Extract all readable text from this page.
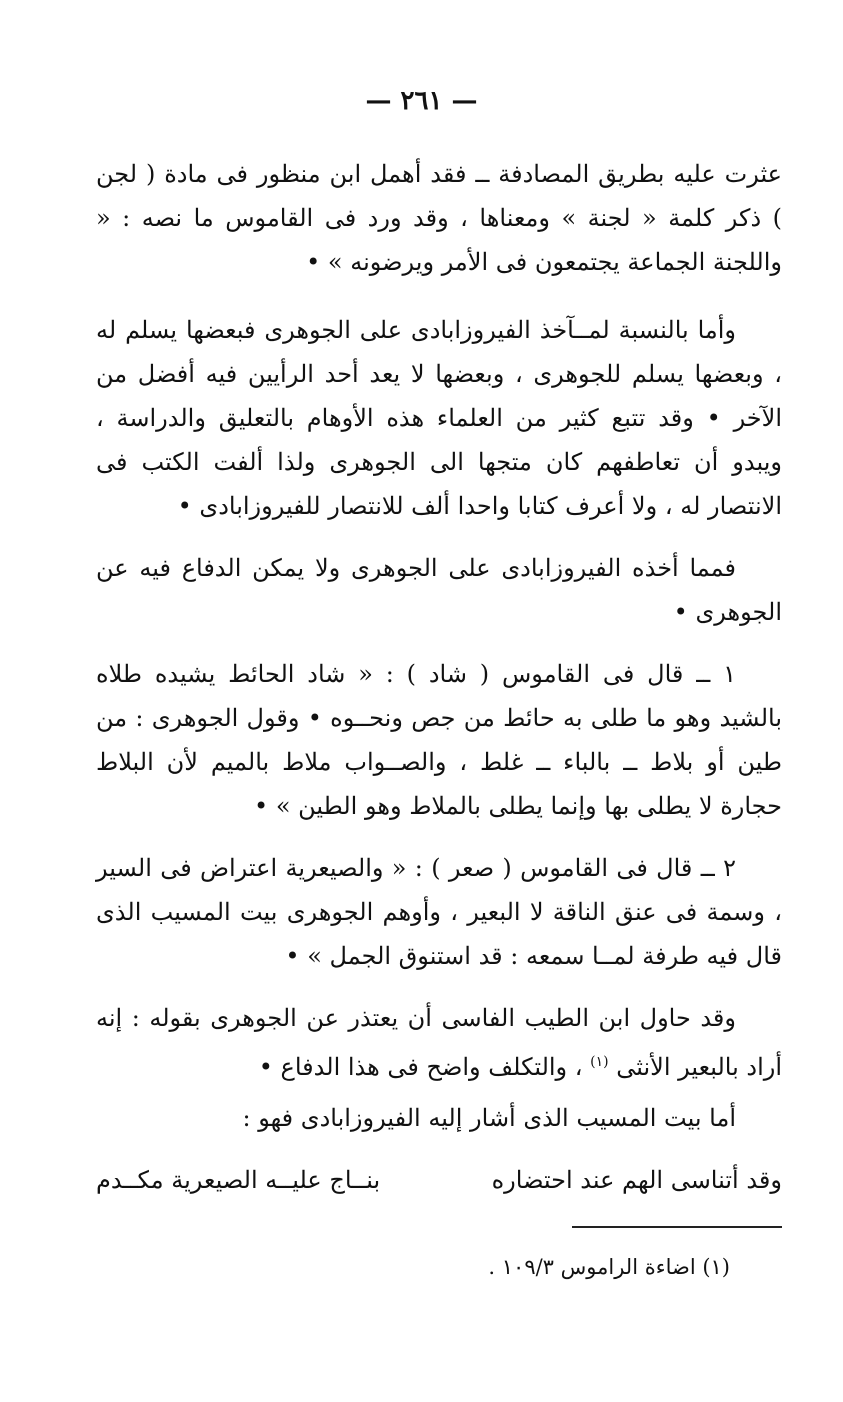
— ٢٦١ —

عثرت عليه بطريق المصادفة ــ فقد أهمل ابن منظور فى مادة ( لجن ) ذكر كلمة « لجنة » ومعناها ، وقد ورد فى القاموس ما نصه : « واللجنة الجماعة يجتمعون فى الأمر ويرضونه » •

وأما بالنسبة لمــآخذ الفيروزابادى على الجوهرى فبعضها يسلم له ، وبعضها يسلم للجوهرى ، وبعضها لا يعد أحد الرأيين فيه أفضل من الآخر • وقد تتبع كثير من العلماء هذه الأوهام بالتعليق والدراسة ، ويبدو أن تعاطفهم كان متجها الى الجوهرى ولذا ألفت الكتب فى الانتصار له ، ولا أعرف كتابا واحدا ألف للانتصار للفيروزابادى •

فمما أخذه الفيروزابادى على الجوهرى ولا يمكن الدفاع فيه عن الجوهرى •

١ ــ قال فى القاموس ( شاد ) : « شاد الحائط يشيده طلاه بالشيد وهو ما طلى به حائط من جص ونحــوه • وقول الجوهرى : من طين أو بلاط ــ بالباء ــ غلط ، والصــواب ملاط بالميم لأن البلاط حجارة لا يطلى بها وإنما يطلى بالملاط وهو الطين » •

٢ ــ قال فى القاموس ( صعر ) : « والصيعرية اعتراض فى السير ، وسمة فى عنق الناقة لا البعير ، وأوهم الجوهرى بيت المسيب الذى قال فيه طرفة لمــا سمعه : قد استنوق الجمل » •

وقد حاول ابن الطيب الفاسى أن يعتذر عن الجوهرى بقوله : إنه أراد بالبعير الأنثى $^{(١)}$ ، والتكلف واضح فى هذا الدفاع •

أما بيت المسيب الذى أشار إليه الفيروزابادى فهو :

وقد أتناسى الهم عند احتضاره
بنــاج عليــه الصيعرية مكــدم
(١) اضاءة الراموس ١٠٩/٣ .
